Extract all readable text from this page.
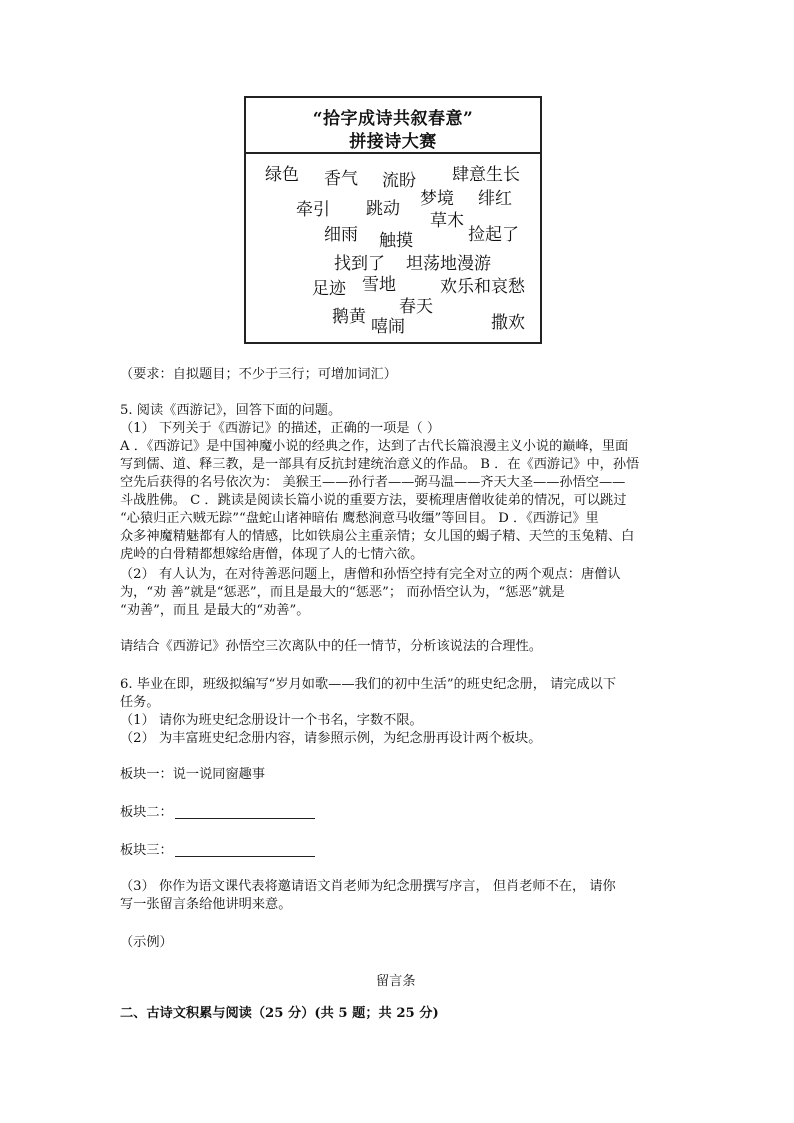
“拾字成诗共叙春意”
拼接诗大赛
绿色 香气 流盼 肆意生长
牵引 跳动 梦境 绯红
草木
细雨 触摸	捡起了
找到了 坦荡地漫游
足迹 雪地	欢乐和哀愁
春天
鹅黄 嘻闹	撒欢
（要求：自拟题目；不少于三行；可增加词汇）
5. 阅读《西游记》，回答下面的问题。
（1） 下列关于《西游记》的描述，正确的一项是（ ）
A ．《西游记》是中国神魔小说的经典之作，达到了古代长篇浪漫主义小说的巅峰，里面
写到儒、道、释三教，是一部具有反抗封建统治意义的作品。 B ．在《西游记》中，孙悟
空先后获得的名号依次为： 美猴王——孙行者——弼马温——齐天大圣——孙悟空——
斗战胜佛。 C ．跳读是阅读长篇小说的重要方法，要梳理唐僧收徒弟的情况，可以跳过
“心猿归正六贼无踪”“盘蛇山诸神暗佑 鹰愁涧意马收缰”等回目。 D ．《西游记》里
众多神魔精魅都有人的情感，比如铁扇公主重亲情；女儿国的蝎子精、天竺的玉兔精、白
虎岭的白骨精都想嫁给唐僧，体现了人的七情六欲。
（2） 有人认为，在对待善恶问题上，唐僧和孙悟空持有完全对立的两个观点：唐僧认
为，“劝 善”就是“惩恶”，而且是最大的“惩恶”； 而孙悟空认为，“惩恶”就是
“劝善”，而且 是最大的“劝善”。
请结合《西游记》孙悟空三次离队中的任一情节，分析该说法的合理性。
6. 毕业在即，班级拟编写“岁月如歌——我们的初中生活”的班史纪念册， 请完成以下
任务。
（1） 请你为班史纪念册设计一个书名，字数不限。
（2） 为丰富班史纪念册内容，请参照示例，为纪念册再设计两个板块。
板块一：说一说同窗趣事
板块二：
板块三：
（3） 你作为语文课代表将邀请语文肖老师为纪念册撰写序言， 但肖老师不在， 请你
写一张留言条给他讲明来意。
（示例）
留言条
二、古诗文积累与阅读（25 分）(共 5 题；共 25 分)
